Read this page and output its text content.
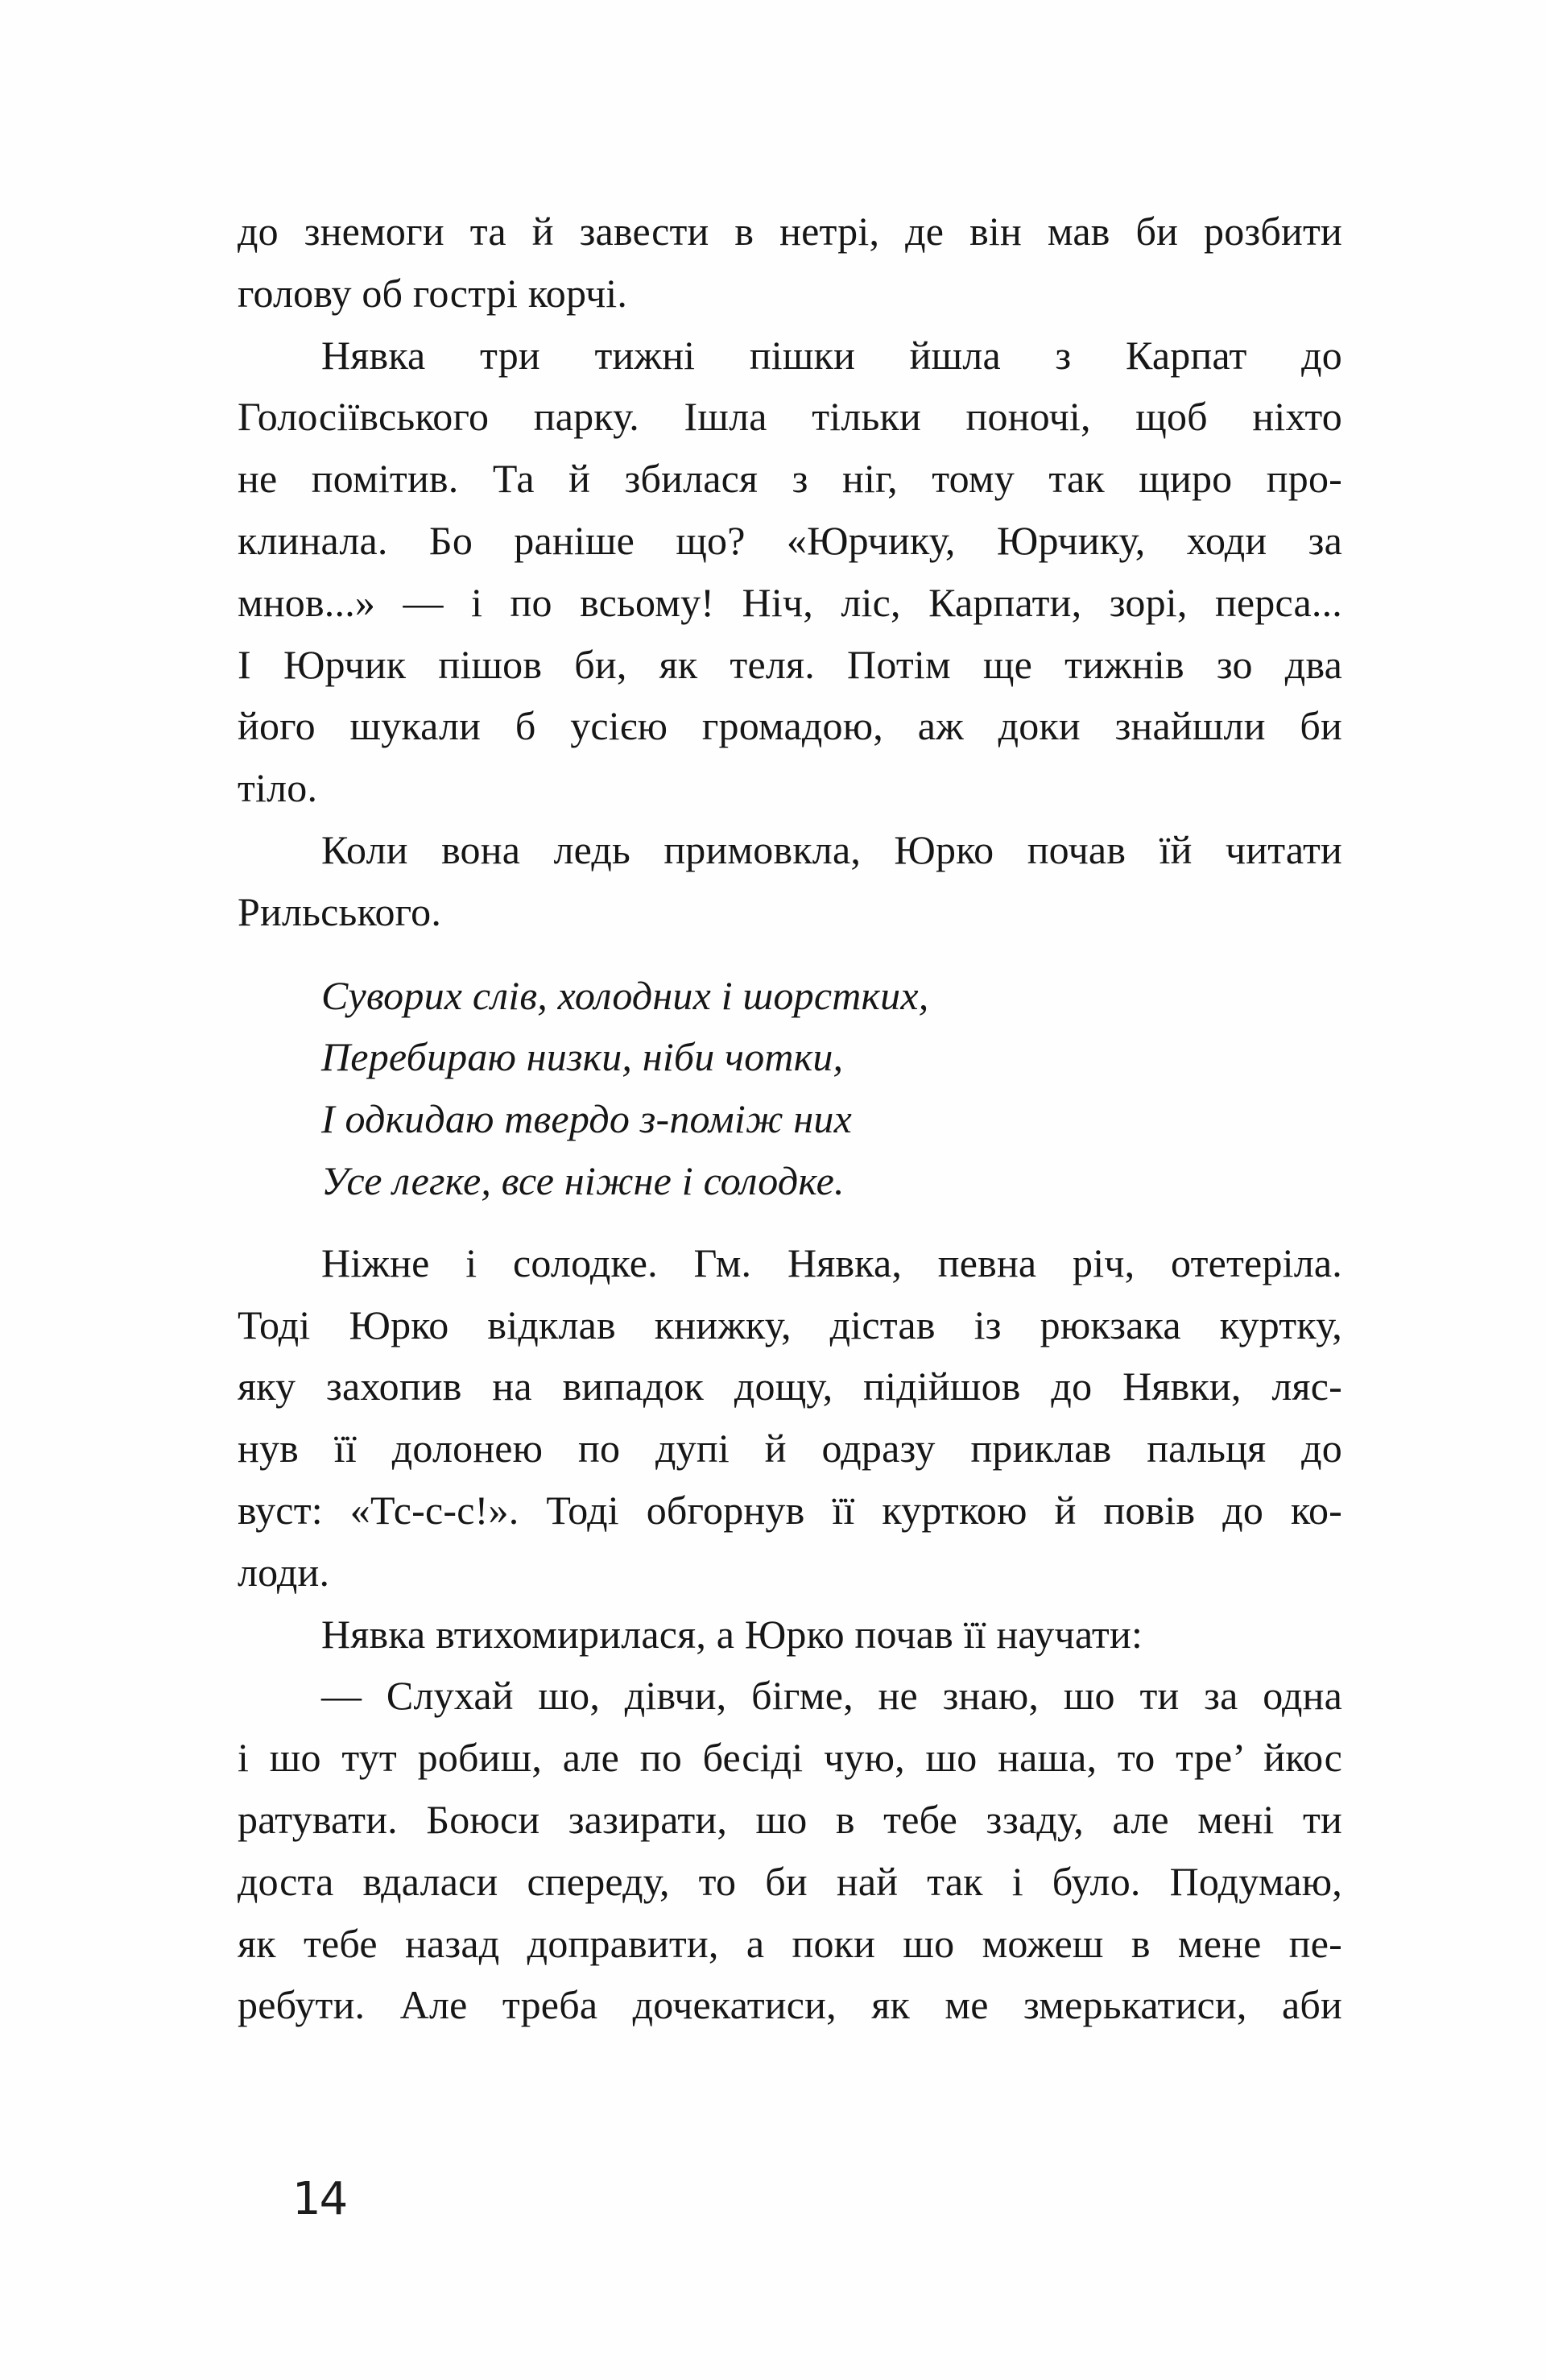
до знемоги та й завести в нетрі, де він мав би розбити
голову об гострі корчі.
Нявка три тижні пішки йшла з Карпат до
Голосіївського парку. Ішла тільки поночі, щоб ніхто
не помітив. Та й збилася з ніг, тому так щиро про-
клинала. Бо раніше що? «Юрчику, Юрчику, ходи за
мнов...» — і по всьому! Ніч, ліс, Карпати, зорі, перса...
І Юрчик пішов би, як теля. Потім ще тижнів зо два
його шукали б усією громадою, аж доки знайшли би
тіло.
Коли вона ледь примовкла, Юрко почав їй читати
Рильського.
Суворих слів, холодних і шорстких,
Перебираю низки, ніби чотки,
І одкидаю твердо з-поміж них
Усе легке, все ніжне і солодке.
Ніжне і солодке. Гм. Нявка, певна річ, отетеріла.
Тоді Юрко відклав книжку, дістав із рюкзака куртку,
яку захопив на випадок дощу, підійшов до Нявки, ляс-
нув її долонею по дупі й одразу приклав пальця до
вуст: «Тс-с-с!». Тоді обгорнув її курткою й повів до ко-
лоди.
Нявка втихомирилася, а Юрко почав її научати:
— Слухай шо, дівчи, бігме, не знаю, шо ти за одна
і шо тут робиш, але по бесіді чую, шо наша, то тре’ йкос
ратувати. Боюси зазирати, шо в тебе ззаду, але мені ти
доста вдаласи спереду, то би най так і було. Подумаю,
як тебе назад доправити, а поки шо можеш в мене пе-
ребути. Але треба дочекатиси, як ме змерькатиси, аби
14
